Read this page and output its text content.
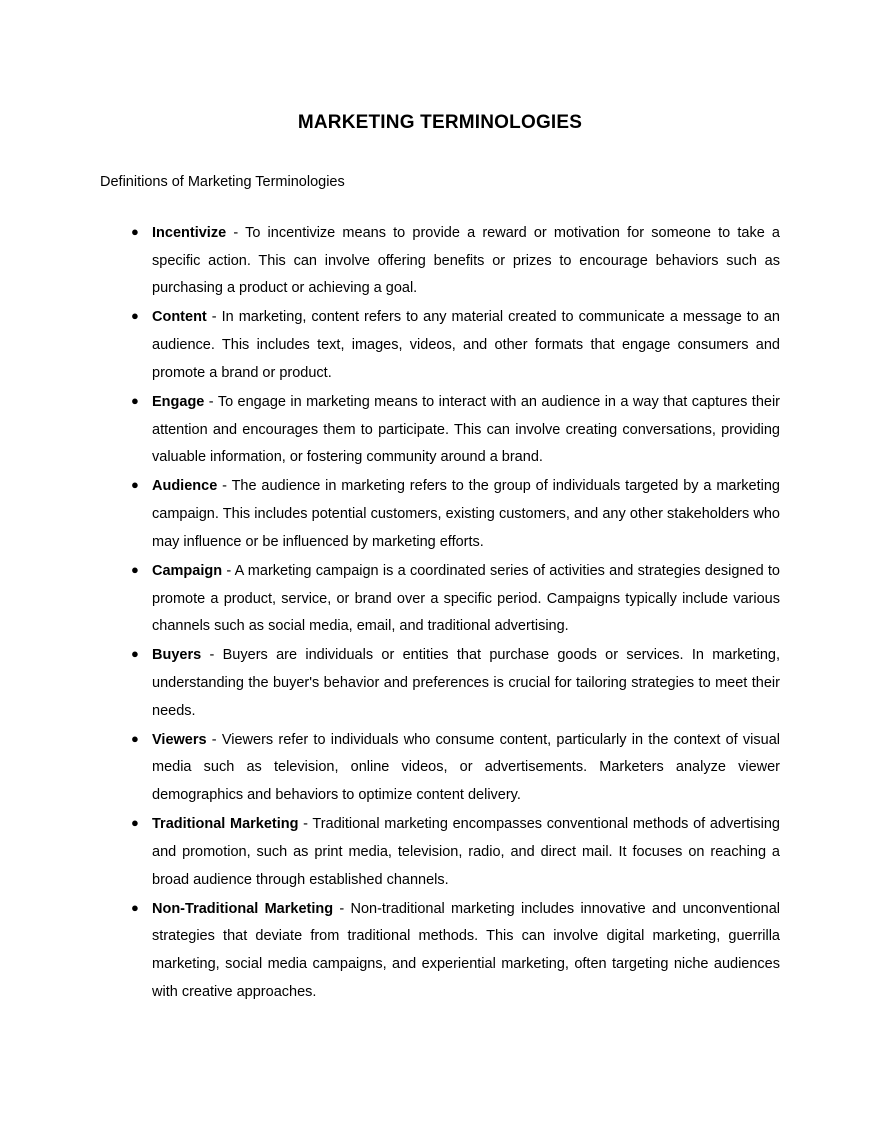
MARKETING TERMINOLOGIES

Definitions of Marketing Terminologies

● Incentivize - To incentivize means to provide a reward or motivation for someone to take a specific action. This can involve offering benefits or prizes to encourage behaviors such as purchasing a product or achieving a goal.
● Content - In marketing, content refers to any material created to communicate a message to an audience. This includes text, images, videos, and other formats that engage consumers and promote a brand or product.
● Engage - To engage in marketing means to interact with an audience in a way that captures their attention and encourages them to participate. This can involve creating conversations, providing valuable information, or fostering community around a brand.
● Audience - The audience in marketing refers to the group of individuals targeted by a marketing campaign. This includes potential customers, existing customers, and any other stakeholders who may influence or be influenced by marketing efforts.
● Campaign - A marketing campaign is a coordinated series of activities and strategies designed to promote a product, service, or brand over a specific period. Campaigns typically include various channels such as social media, email, and traditional advertising.
● Buyers - Buyers are individuals or entities that purchase goods or services. In marketing, understanding the buyer's behavior and preferences is crucial for tailoring strategies to meet their needs.
● Viewers - Viewers refer to individuals who consume content, particularly in the context of visual media such as television, online videos, or advertisements. Marketers analyze viewer demographics and behaviors to optimize content delivery.
● Traditional Marketing - Traditional marketing encompasses conventional methods of advertising and promotion, such as print media, television, radio, and direct mail. It focuses on reaching a broad audience through established channels.
● Non-Traditional Marketing - Non-traditional marketing includes innovative and unconventional strategies that deviate from traditional methods. This can involve digital marketing, guerrilla marketing, social media campaigns, and experiential marketing, often targeting niche audiences with creative approaches.
